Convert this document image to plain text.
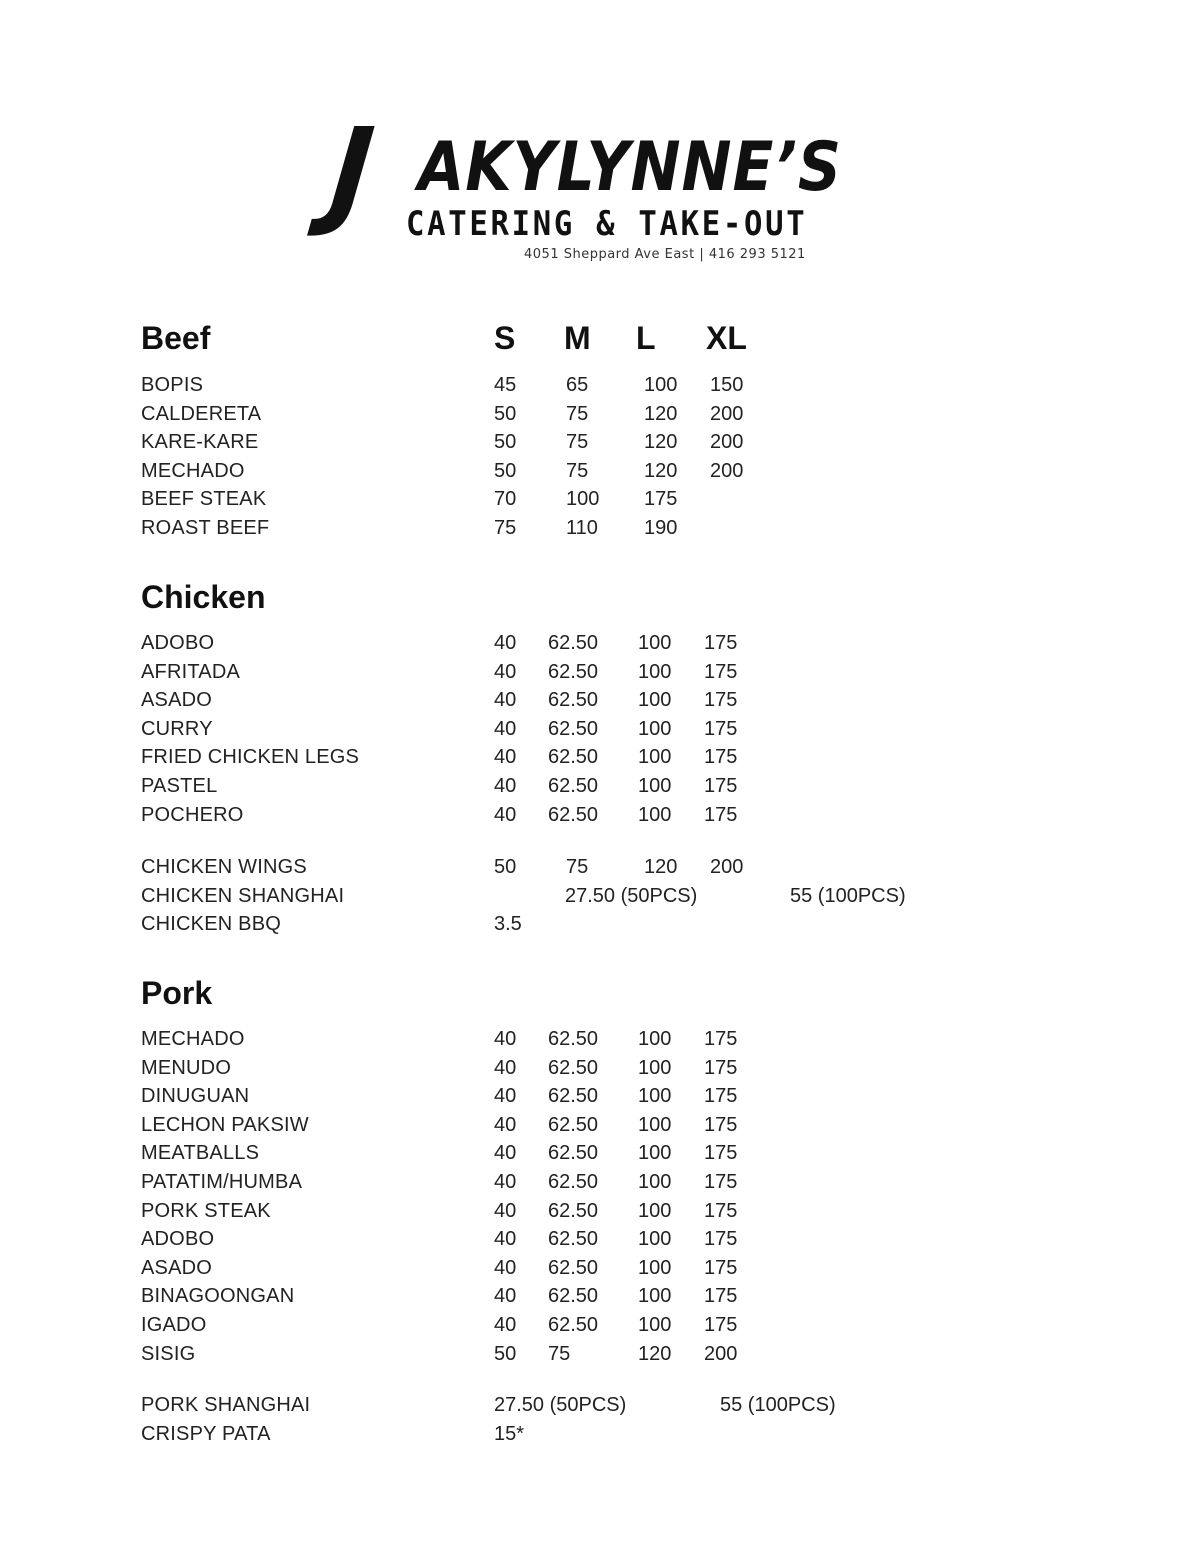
J AKYLYNNE’S
CATERING & TAKE-OUT
4051 Sheppard Ave East | 416 293 5121
Beef	S M L XL
BOPIS	45 65	100 150
CALDERETA	50 75	120 200
KARE-KARE	50 75	120 200
MECHADO	50 75	120 200
BEEF STEAK	70 100 175
ROAST BEEF	75 110 190
Chicken
ADOBO	40 62.50 100 175
AFRITADA	40 62.50 100 175
ASADO	40 62.50 100 175
CURRY	40 62.50 100 175
FRIED CHICKEN LEGS	40 62.50 100 175
PASTEL	40 62.50 100 175
POCHERO	40 62.50 100 175
CHICKEN WINGS	50 75	120 200
CHICKEN SHANGHAI	27.50 (50PCS)	55 (100PCS)
CHICKEN BBQ	3.5
Pork
MECHADO	40 62.50 100 175
MENUDO	40 62.50 100 175
DINUGUAN	40 62.50 100 175
LECHON PAKSIW	40 62.50 100 175
MEATBALLS	40 62.50 100 175
PATATIM/HUMBA	40 62.50 100 175
PORK STEAK	40 62.50 100 175
ADOBO	40 62.50 100 175
ASADO	40 62.50 100 175
BINAGOONGAN	40 62.50 100 175
IGADO	40 62.50 100 175
SISIG	50 75	120 200
PORK SHANGHAI	27.50 (50PCS)	55 (100PCS)
CRISPY PATA	15*
